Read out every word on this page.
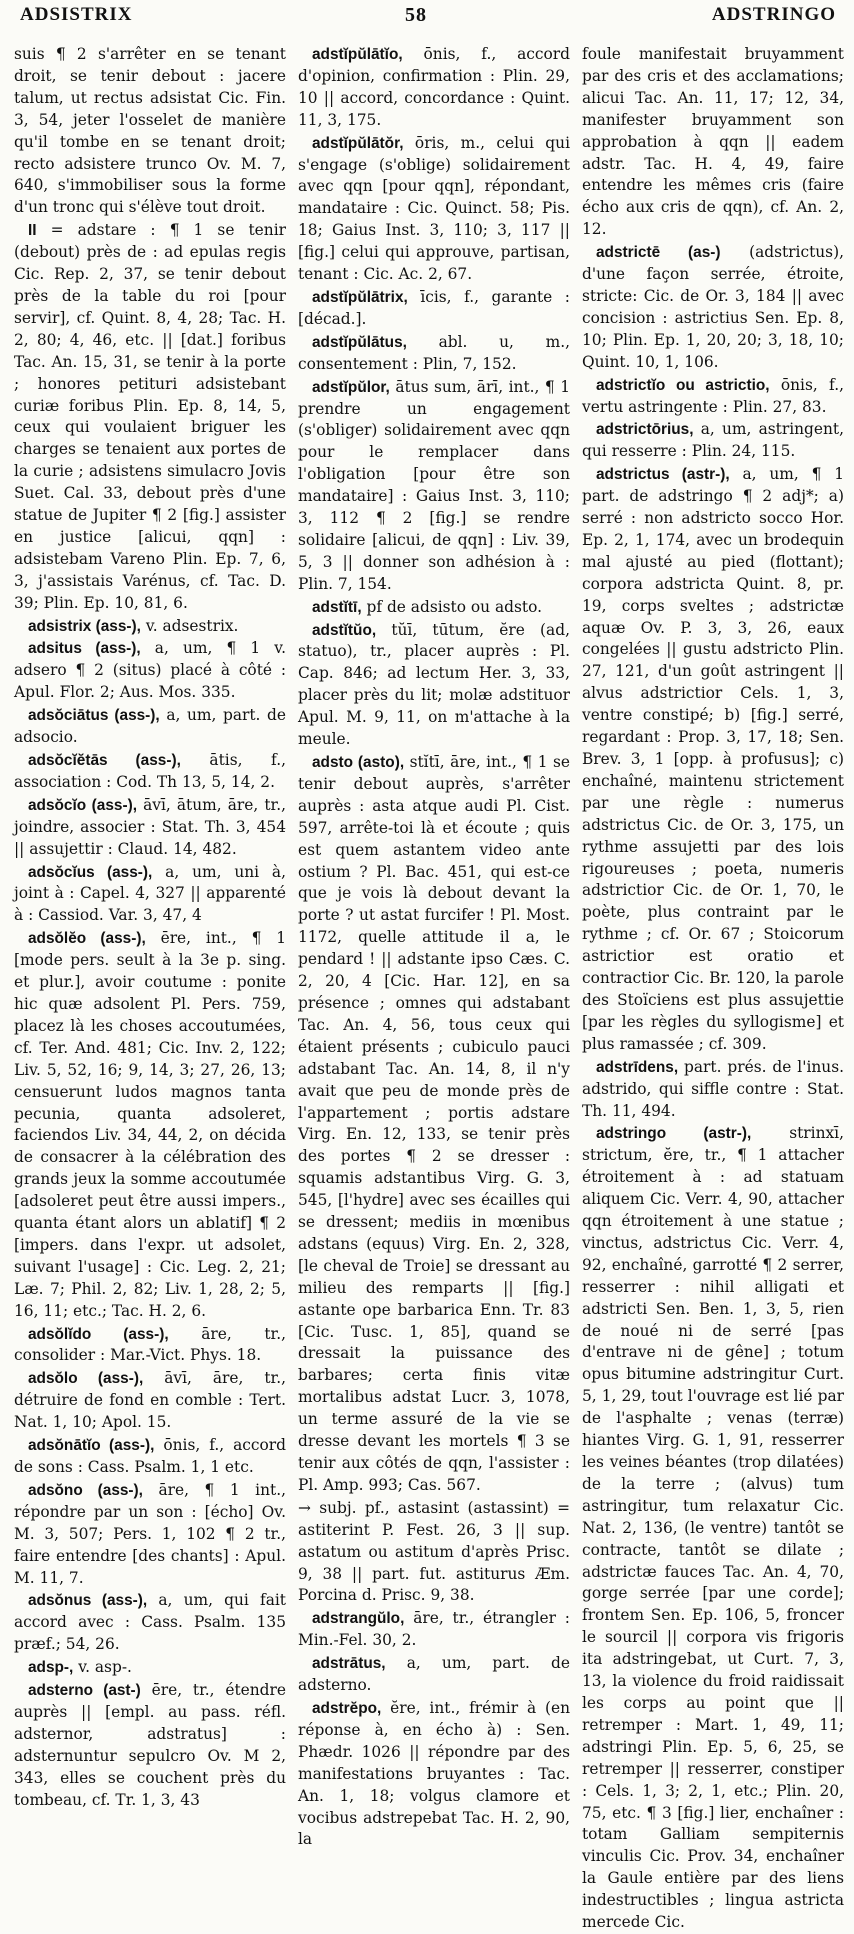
ADSISTRIX	58	ADSTRINGO

suis ¶ 2 s'arrêter en se tenant droit, se tenir debout : jacere talum, ut rectus adsistat Cic. Fin. 3, 54, jeter l'osselet de manière qu'il tombe en se tenant droit; recto adsistere trunco Ov. M. 7, 640, s'immobiliser sous la forme d'un tronc qui s'élève tout droit.

II = adstare : ¶ 1 se tenir (debout) près de : ad epulas regis Cic. Rep. 2, 37, se tenir debout près de la table du roi [pour servir], cf. Quint. 8, 4, 28; Tac. H. 2, 80; 4, 46, etc. || [dat.] foribus Tac. An. 15, 31, se tenir à la porte ; honores petituri adsistebant curiæ foribus Plin. Ep. 8, 14, 5, ceux qui voulaient briguer les charges se tenaient aux portes de la curie ; adsistens simulacro Jovis Suet. Cal. 33, debout près d'une statue de Jupiter ¶ 2 [fig.] assister en justice [alicui, qqn] : adsistebam Vareno Plin. Ep. 7, 6, 3, j'assistais Varénus, cf. Tac. D. 39; Plin. Ep. 10, 81, 6.

adsistrix (ass-), v. adsestrix.

adsitus (ass-), a, um, ¶ 1 v. adsero ¶ 2 (situs) placé à côté : Apul. Flor. 2; Aus. Mos. 335.

adsŏciātus (ass-), a, um, part. de adsocio.

adsŏcĭĕtās (ass-), ātis, f., association : Cod. Th 13, 5, 14, 2.

adsŏcĭo (ass-), āvī, ātum, āre, tr., joindre, associer : Stat. Th. 3, 454 || assujettir : Claud. 14, 482.

adsŏcĭus (ass-), a, um, uni à, joint à : Capel. 4, 327 || apparenté à : Cassiod. Var. 3, 47, 4

adsŏlĕo (ass-), ēre, int., ¶ 1 [mode pers. seult à la 3e p. sing. et plur.], avoir coutume : ponite hic quæ adsolent Pl. Pers. 759, placez là les choses accoutumées, cf. Ter. And. 481; Cic. Inv. 2, 122; Liv. 5, 52, 16; 9, 14, 3; 27, 26, 13; censuerunt ludos magnos tanta pecunia, quanta adsoleret, faciendos Liv. 34, 44, 2, on décida de consacrer à la célébration des grands jeux la somme accoutumée [adsoleret peut être aussi impers., quanta étant alors un ablatif] ¶ 2 [impers. dans l'expr. ut adsolet, suivant l'usage] : Cic. Leg. 2, 21; Læ. 7; Phil. 2, 82; Liv. 1, 28, 2; 5, 16, 11; etc.; Tac. H. 2, 6.

adsŏlĭdo (ass-), āre, tr., consolider : Mar.-Vict. Phys. 18.

adsŏlo (ass-), āvī, āre, tr., détruire de fond en comble : Tert. Nat. 1, 10; Apol. 15.

adsŏnātĭo (ass-), ōnis, f., accord de sons : Cass. Psalm. 1, 1 etc.

adsŏno (ass-), āre, ¶ 1 int., répondre par un son : [écho] Ov. M. 3, 507; Pers. 1, 102 ¶ 2 tr., faire entendre [des chants] : Apul. M. 11, 7.

adsŏnus (ass-), a, um, qui fait accord avec : Cass. Psalm. 135 præf.; 54, 26.

adsp-, v. asp-.

adsterno (ast-) ēre, tr., étendre auprès || [empl. au pass. réfl. adsternor, adstratus] : adsternuntur sepulcro Ov. M 2, 343, elles se couchent près du tombeau, cf. Tr. 1, 3, 43

adstĭpŭlātĭo, ōnis, f., accord d'opinion, confirmation : Plin. 29, 10 || accord, concordance : Quint. 11, 3, 175.

adstĭpŭlātŏr, ōris, m., celui qui s'engage (s'oblige) solidairement avec qqn [pour qqn], répondant, mandataire : Cic. Quinct. 58; Pis. 18; Gaius Inst. 3, 110; 3, 117 || [fig.] celui qui approuve, partisan, tenant : Cic. Ac. 2, 67.

adstĭpŭlātrix, īcis, f., garante : [décad.].

adstĭpŭlātus, abl. u, m., consentement : Plin, 7, 152.

adstĭpŭlor, ātus sum, ārī, int., ¶ 1 prendre un engagement (s'obliger) solidairement avec qqn pour le remplacer dans l'obligation [pour être son mandataire] : Gaius Inst. 3, 110; 3, 112 ¶ 2 [fig.] se rendre solidaire [alicui, de qqn] : Liv. 39, 5, 3 || donner son adhésion à : Plin. 7, 154.

adstĭtī, pf de adsisto ou adsto.

adstĭtŭo, tŭī, tūtum, ĕre (ad, statuo), tr., placer auprès : Pl. Cap. 846; ad lectum Her. 3, 33, placer près du lit; molæ adstituor Apul. M. 9, 11, on m'attache à la meule.

adsto (asto), stĭtī, āre, int., ¶ 1 se tenir debout auprès, s'arrêter auprès : asta atque audi Pl. Cist. 597, arrête-toi là et écoute ; quis est quem astantem video ante ostium ? Pl. Bac. 451, qui est-ce que je vois là debout devant la porte ? ut astat furcifer ! Pl. Most. 1172, quelle attitude il a, le pendard ! || adstante ipso Cæs. C. 2, 20, 4 [Cic. Har. 12], en sa présence ; omnes qui adstabant Tac. An. 4, 56, tous ceux qui étaient présents ; cubiculo pauci adstabant Tac. An. 14, 8, il n'y avait que peu de monde près de l'appartement ; portis adstare Virg. En. 12, 133, se tenir près des portes ¶ 2 se dresser : squamis adstantibus Virg. G. 3, 545, [l'hydre] avec ses écailles qui se dressent; mediis in mœnibus adstans (equus) Virg. En. 2, 328, [le cheval de Troie] se dressant au milieu des remparts || [fig.] astante ope barbarica Enn. Tr. 83 [Cic. Tusc. 1, 85], quand se dressait la puissance des barbares; certa finis vitæ mortalibus adstat Lucr. 3, 1078, un terme assuré de la vie se dresse devant les mortels ¶ 3 se tenir aux côtés de qqn, l'assister : Pl. Amp. 993; Cas. 567.

→ subj. pf., astasint (astassint) = astiterint P. Fest. 26, 3 || sup. astatum ou astitum d'après Prisc. 9, 38 || part. fut. astiturus Æm. Porcina d. Prisc. 9, 38.

adstrangŭlo, āre, tr., étrangler : Min.-Fel. 30, 2.

adstrātus, a, um, part. de adsterno.

adstrĕpo, ĕre, int., frémir à (en réponse à, en écho à) : Sen. Phædr. 1026 || répondre par des manifestations bruyantes : Tac. An. 1, 18; volgus clamore et vocibus adstrepebat Tac. H. 2, 90, la

foule manifestait bruyamment par des cris et des acclamations; alicui Tac. An. 11, 17; 12, 34, manifester bruyamment son approbation à qqn || eadem adstr. Tac. H. 4, 49, faire entendre les mêmes cris (faire écho aux cris de qqn), cf. An. 2, 12.

adstrictē (as-) (adstrictus), d'une façon serrée, étroite, stricte: Cic. de Or. 3, 184 || avec concision : astrictius Sen. Ep. 8, 10; Plin. Ep. 1, 20, 20; 3, 18, 10; Quint. 10, 1, 106.

adstrictĭo ou astrictio, ōnis, f., vertu astringente : Plin. 27, 83.

adstrictōrius, a, um, astringent, qui resserre : Plin. 24, 115.

adstrictus (astr-), a, um, ¶ 1 part. de adstringo ¶ 2 adj*; a) serré : non adstricto socco Hor. Ep. 2, 1, 174, avec un brodequin mal ajusté au pied (flottant); corpora adstricta Quint. 8, pr. 19, corps sveltes ; adstrictæ aquæ Ov. P. 3, 3, 26, eaux congelées || gustu adstricto Plin. 27, 121, d'un goût astringent || alvus adstrictior Cels. 1, 3, ventre constipé; b) [fig.] serré, regardant : Prop. 3, 17, 18; Sen. Brev. 3, 1 [opp. à profusus]; c) enchaîné, maintenu strictement par une règle : numerus adstrictus Cic. de Or. 3, 175, un rythme assujetti par des lois rigoureuses ; poeta, numeris adstrictior Cic. de Or. 1, 70, le poète, plus contraint par le rythme ; cf. Or. 67 ; Stoicorum astrictior est oratio et contractior Cic. Br. 120, la parole des Stoïciens est plus assujettie [par les règles du syllogisme] et plus ramassée ; cf. 309.

adstrīdens, part. prés. de l'inus. adstrido, qui siffle contre : Stat. Th. 11, 494.

adstringo (astr-), strinxī, strictum, ĕre, tr., ¶ 1 attacher étroitement à : ad statuam aliquem Cic. Verr. 4, 90, attacher qqn étroitement à une statue ; vinctus, adstrictus Cic. Verr. 4, 92, enchaîné, garrotté ¶ 2 serrer, resserrer : nihil alligati et adstricti Sen. Ben. 1, 3, 5, rien de noué ni de serré [pas d'entrave ni de gêne] ; totum opus bitumine adstringitur Curt. 5, 1, 29, tout l'ouvrage est lié par de l'asphalte ; venas (terræ) hiantes Virg. G. 1, 91, resserrer les veines béantes (trop dilatées) de la terre ; (alvus) tum astringitur, tum relaxatur Cic. Nat. 2, 136, (le ventre) tantôt se contracte, tantôt se dilate ; adstrictæ fauces Tac. An. 4, 70, gorge serrée [par une corde]; frontem Sen. Ep. 106, 5, froncer le sourcil || corpora vis frigoris ita adstringebat, ut Curt. 7, 3, 13, la violence du froid raidissait les corps au point que || retremper : Mart. 1, 49, 11; adstringi Plin. Ep. 5, 6, 25, se retremper || resserrer, constiper : Cels. 1, 3; 2, 1, etc.; Plin. 20, 75, etc. ¶ 3 [fig.] lier, enchaîner : totam Galliam sempiternis vinculis Cic. Prov. 34, enchaîner la Gaule entière par des liens indestructibles ; lingua astricta mercede Cic.
